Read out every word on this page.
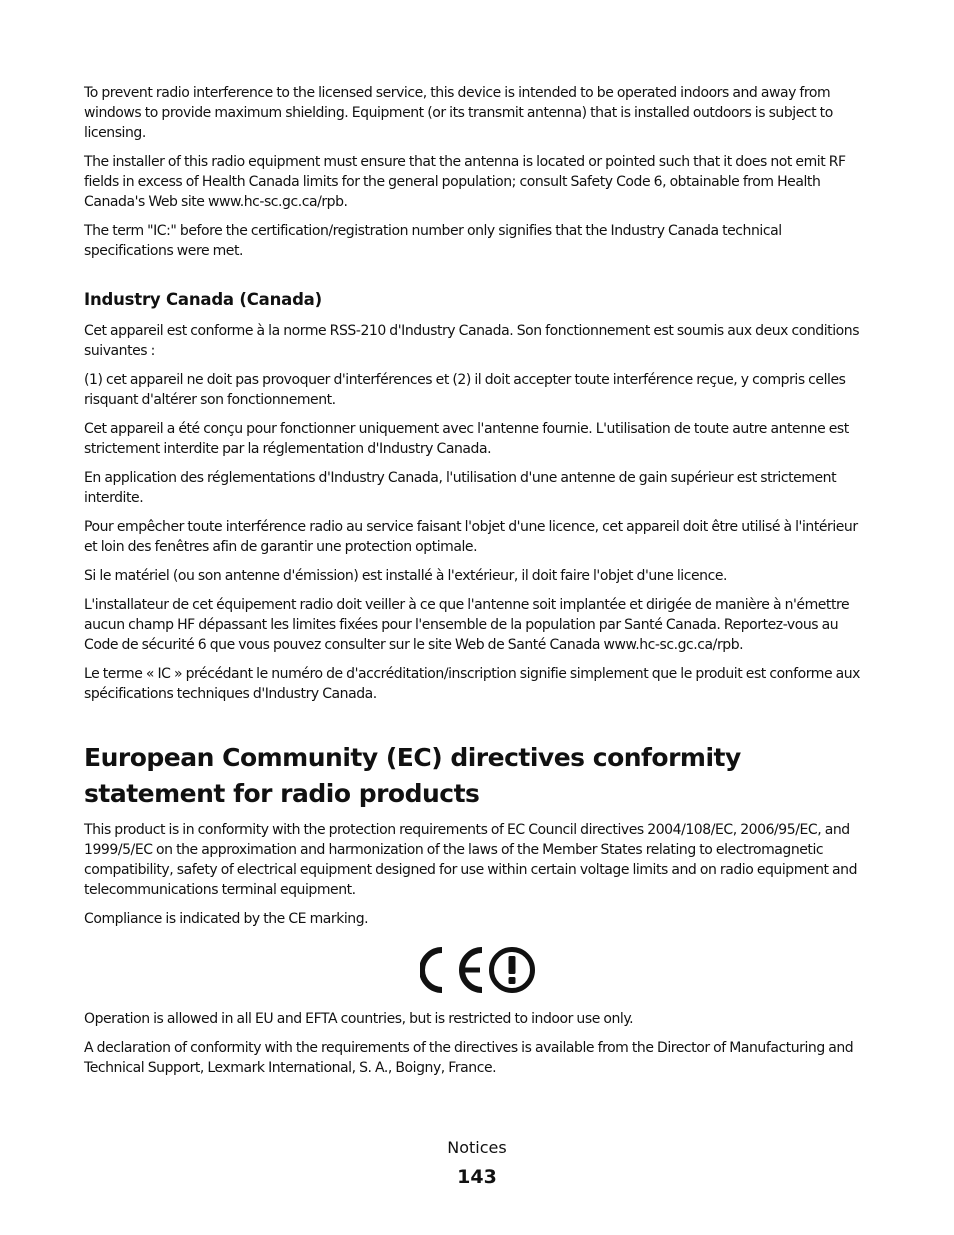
To prevent radio interference to the licensed service, this device is intended to be operated indoors and away from windows to provide maximum shielding. Equipment (or its transmit antenna) that is installed outdoors is subject to licensing.

The installer of this radio equipment must ensure that the antenna is located or pointed such that it does not emit RF fields in excess of Health Canada limits for the general population; consult Safety Code 6, obtainable from Health Canada's Web site www.hc-sc.gc.ca/rpb.

The term "IC:" before the certification/registration number only signifies that the Industry Canada technical specifications were met.

Industry Canada (Canada)

Cet appareil est conforme à la norme RSS-210 d'Industry Canada. Son fonctionnement est soumis aux deux conditions suivantes :

(1) cet appareil ne doit pas provoquer d'interférences et (2) il doit accepter toute interférence reçue, y compris celles risquant d'altérer son fonctionnement.

Cet appareil a été conçu pour fonctionner uniquement avec l'antenne fournie. L'utilisation de toute autre antenne est strictement interdite par la réglementation d'Industry Canada.

En application des réglementations d'Industry Canada, l'utilisation d'une antenne de gain supérieur est strictement interdite.

Pour empêcher toute interférence radio au service faisant l'objet d'une licence, cet appareil doit être utilisé à l'intérieur et loin des fenêtres afin de garantir une protection optimale.

Si le matériel (ou son antenne d'émission) est installé à l'extérieur, il doit faire l'objet d'une licence.

L'installateur de cet équipement radio doit veiller à ce que l'antenne soit implantée et dirigée de manière à n'émettre aucun champ HF dépassant les limites fixées pour l'ensemble de la population par Santé Canada. Reportez-vous au Code de sécurité 6 que vous pouvez consulter sur le site Web de Santé Canada www.hc-sc.gc.ca/rpb.

Le terme « IC » précédant le numéro de d'accréditation/inscription signifie simplement que le produit est conforme aux spécifications techniques d'Industry Canada.

European Community (EC) directives conformity statement for radio products

This product is in conformity with the protection requirements of EC Council directives 2004/108/EC, 2006/95/EC, and 1999/5/EC on the approximation and harmonization of the laws of the Member States relating to electromagnetic compatibility, safety of electrical equipment designed for use within certain voltage limits and on radio equipment and telecommunications terminal equipment.

Compliance is indicated by the CE marking.

Operation is allowed in all EU and EFTA countries, but is restricted to indoor use only.

A declaration of conformity with the requirements of the directives is available from the Director of Manufacturing and Technical Support, Lexmark International, S. A., Boigny, France.

Notices
143
